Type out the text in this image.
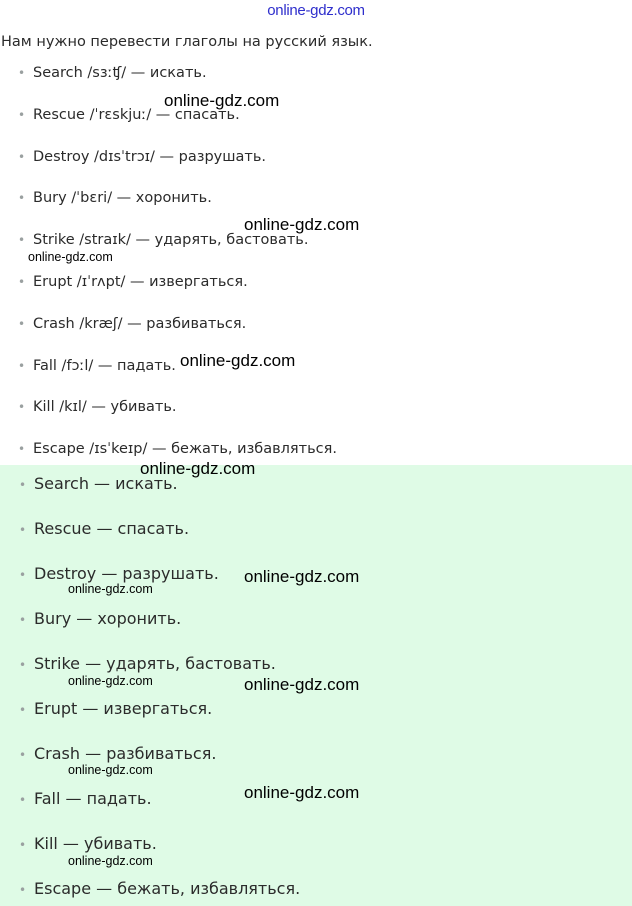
online-gdz.com
Нам нужно перевести глаголы на русский язык.
• Search /sɜːʧ/ — искать.
• Rescue /ˈrɛskjuː/ — спасать.
• Destroy /dɪsˈtrɔɪ/ — разрушать.
• Bury /ˈbɛri/ — хоронить.
• Strike /straɪk/ — ударять, бастовать.
• Erupt /ɪˈrʌpt/ — извергаться.
• Crash /kræʃ/ — разбиваться.
• Fall /fɔːl/ — падать.
• Kill /kɪl/ — убивать.
• Escape /ɪsˈkeɪp/ — бежать, избавляться.
• Search — искать.
• Rescue — спасать.
• Destroy — разрушать.
• Bury — хоронить.
• Strike — ударять, бастовать.
• Erupt — извергаться.
• Crash — разбиваться.
• Fall — падать.
• Kill — убивать.
• Escape — бежать, избавляться.
online-gdz.com
online-gdz.com
online-gdz.com
online-gdz.com
online-gdz.com
online-gdz.com
online-gdz.com
online-gdz.com
online-gdz.com
online-gdz.com
online-gdz.com
online-gdz.com
